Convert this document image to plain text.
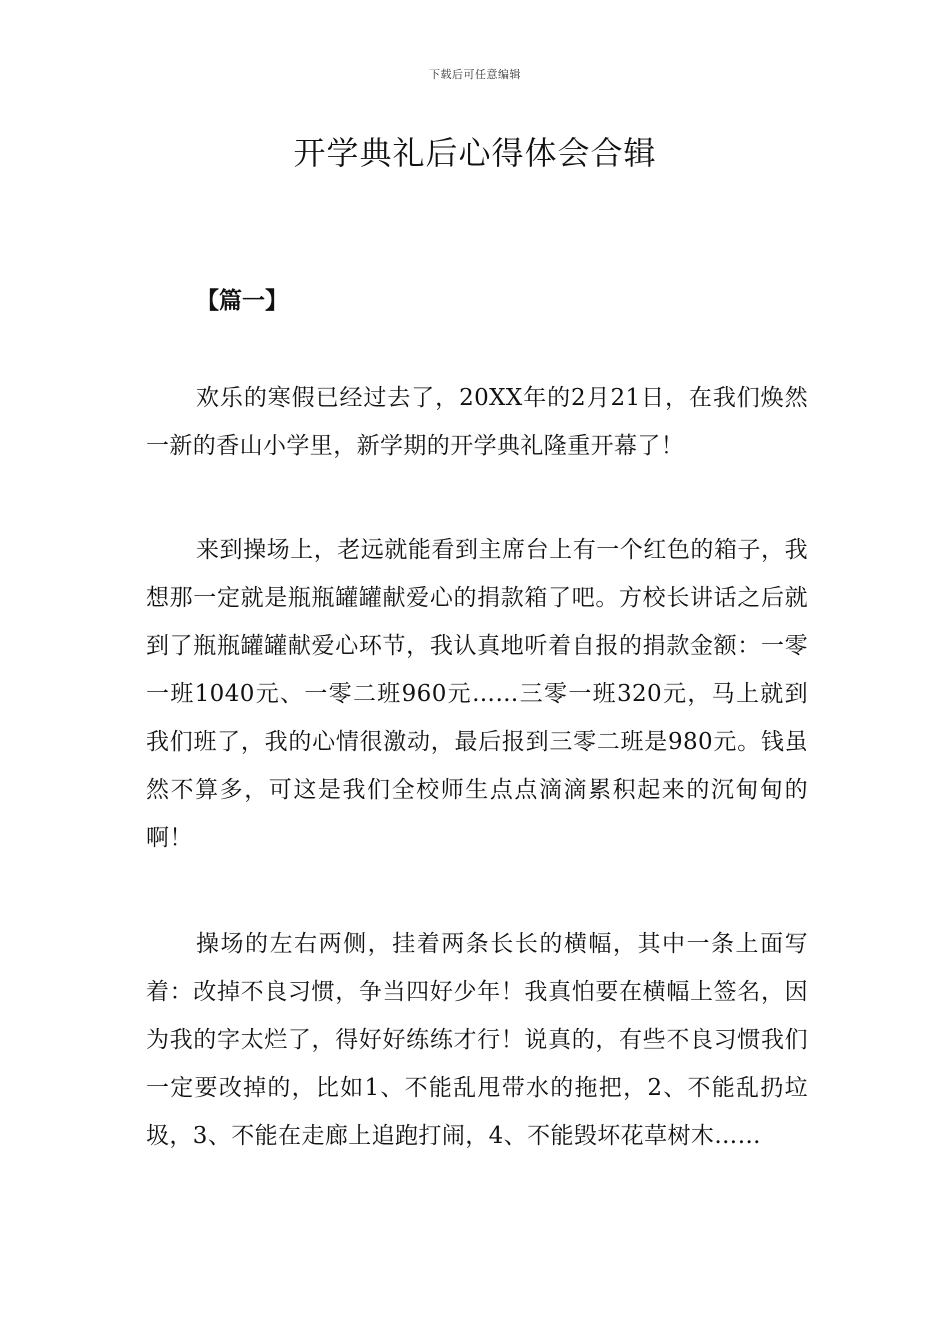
下载后可任意编辑
开学典礼后心得体会合辑
【篇一】

欢乐的寒假已经过去了，20XX年的2月21日，在我们焕然一新的香山小学里，新学期的开学典礼隆重开幕了！

来到操场上，老远就能看到主席台上有一个红色的箱子，我想那一定就是瓶瓶罐罐献爱心的捐款箱了吧。方校长讲话之后就到了瓶瓶罐罐献爱心环节，我认真地听着自报的捐款金额：一零一班1040元、一零二班960元……三零一班320元，马上就到我们班了，我的心情很激动，最后报到三零二班是980元。钱虽然不算多，可这是我们全校师生点点滴滴累积起来的沉甸甸的啊！

操场的左右两侧，挂着两条长长的横幅，其中一条上面写着：改掉不良习惯，争当四好少年！我真怕要在横幅上签名，因为我的字太烂了，得好好练练才行！说真的，有些不良习惯我们一定要改掉的，比如1、不能乱甩带水的拖把，2、不能乱扔垃圾，3、不能在走廊上追跑打闹，4、不能毁坏花草树木……
